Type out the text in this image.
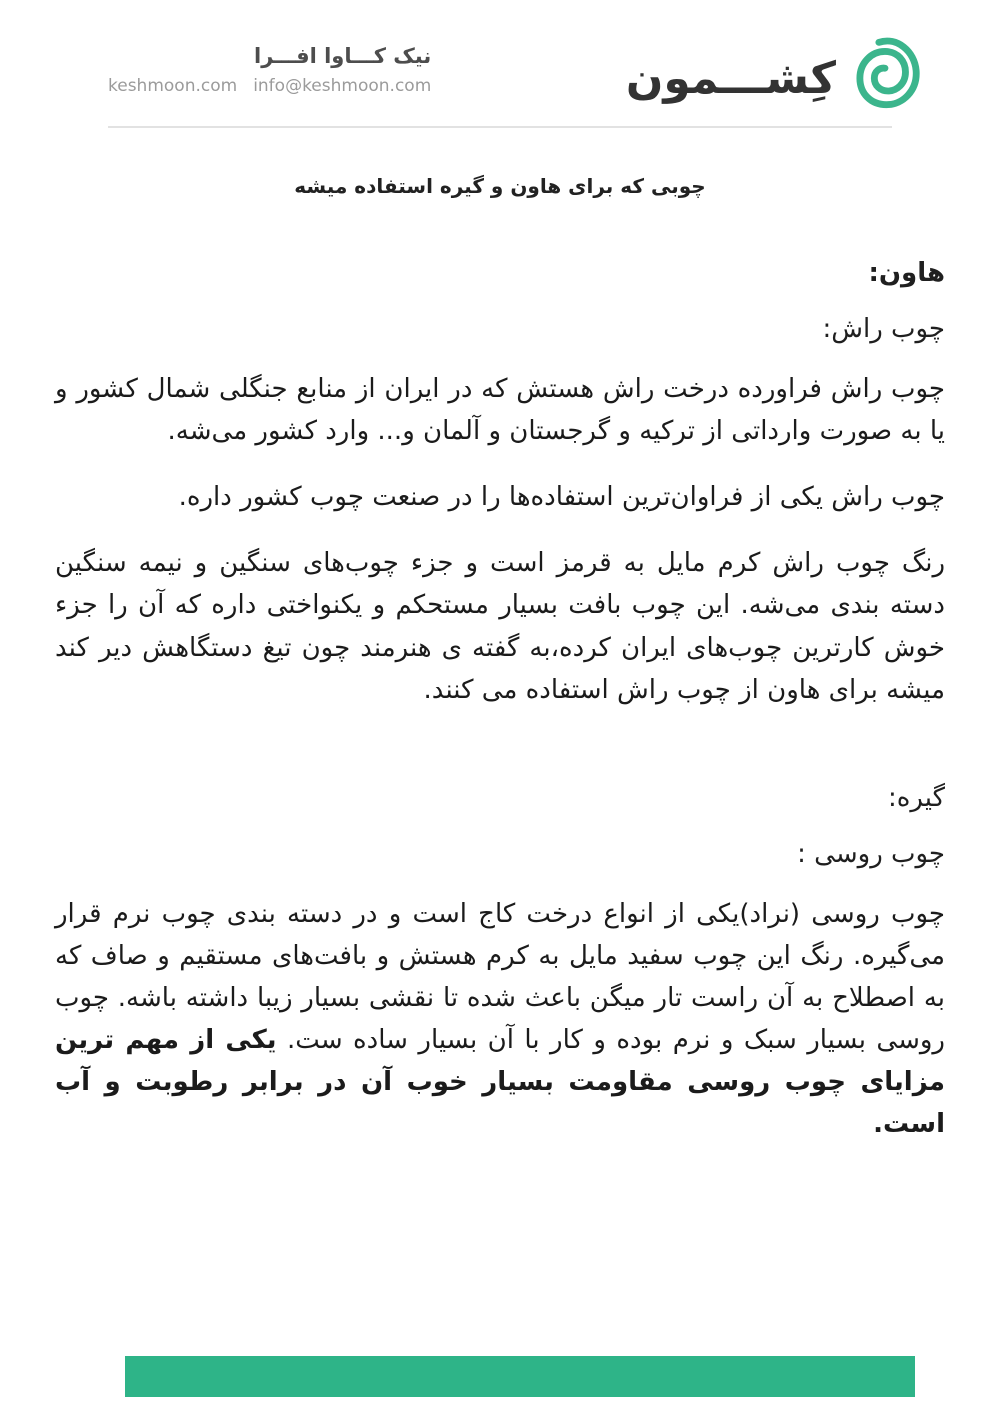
نیک کـــاوا افـــرا
keshmoon.com info@keshmoon.com	کِشـــمون
چوبی که برای هاون و گیره استفاده میشه
هاون:

چوب راش:

چوب راش فراورده درخت راش هستش که در ایران از منابع جنگلی شمال کشور و یا به صورت وارداتی از ترکیه و گرجستان و آلمان و... وارد کشور می‌شه.

چوب راش یکی از فراوان‌ترین استفاده‌ها را در صنعت چوب کشور داره.

رنگ چوب راش کرم مایل به قرمز است و جزء چوب‌های سنگین و نیمه سنگین دسته بندی می‌شه. این چوب بافت بسیار مستحکم و یکنواختی داره که آن را جزء خوش کارترین چوب‌های ایران کرده،به گفته ی هنرمند چون تیغ دستگاهش دیر کند میشه برای هاون از چوب راش استفاده می کنند.

گیره:

چوب روسی :

چوب روسی (نراد)یکی از انواع درخت کاج است و در دسته بندی چوب نرم قرار می‌گیره. رنگ این چوب سفید مایل به کرم هستش و بافت‌های مستقیم و صاف که به اصطلاح به آن راست تار میگن باعث شده تا نقشی بسیار زیبا داشته باشه. چوب روسی بسیار سبک و نرم بوده و کار با آن بسیار ساده ست. یکی از مهم ترین مزایای چوب روسی مقاومت بسیار خوب آن در برابر رطوبت و آب است.
